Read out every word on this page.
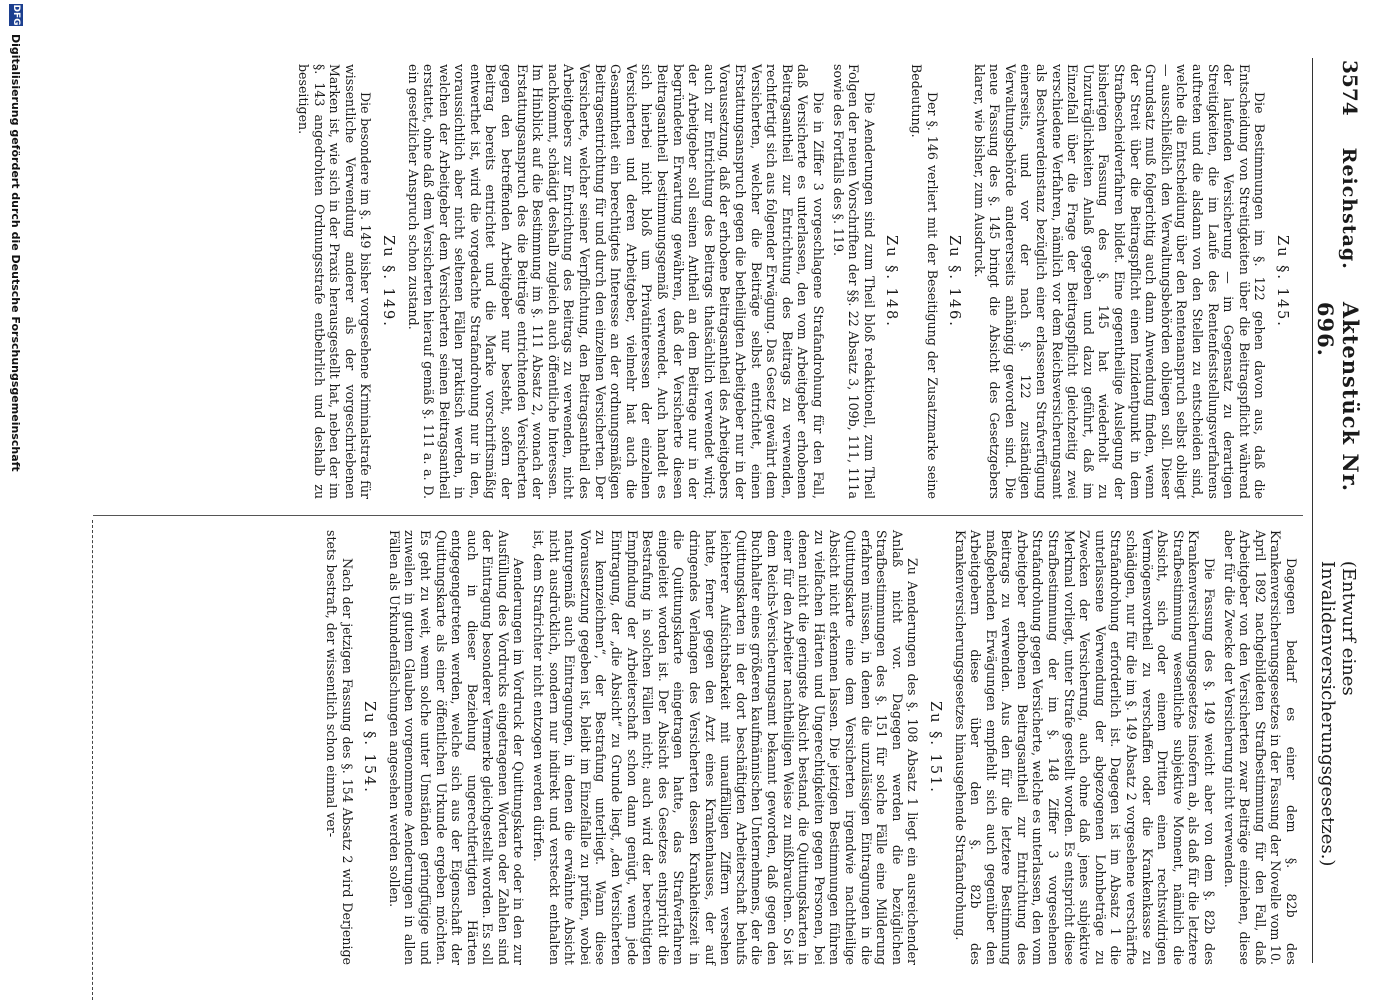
3574
Reichstag.
Aktenstück Nr. 696.
(Entwurf eines Invalidenversicherungsgesetzes.)
Zu §. 145.

Die Bestimmungen im §. 122 gehen davon aus, daß die Entscheidung von Streitigkeiten über die Beitragspflicht während der laufenden Versicherung — im Gegensatz zu derartigen Streitigkeiten, die im Laufe des Rentenfeststellungsverfahrens auftreten und die alsdann von den Stellen zu entscheiden sind, welche die Entscheidung über den Rentenanspruch selbst obliegt — ausschließlich den Verwaltungsbehörden obliegen soll. Dieser Grundsatz muß folgerichtig auch dann Anwendung finden, wenn der Streit über die Beitragspflicht einen Inzidentpunkt in dem Strafbescheidverfahren bildet. Eine gegentheilige Auslegung der bisherigen Fassung des §. 145 hat wiederholt zu Unzuträglichkeiten Anlaß gegeben und dazu geführt, daß im Einzelfall über die Frage der Beitragspflicht gleichzeitig zwei verschiedene Verfahren, nämlich vor dem Reichsversicherungsamt als Beschwerdeinstanz bezüglich einer erlassenen Strafverfügung einerseits, und vor der nach §. 122 zuständigen Verwaltungsbehörde andererseits anhängig geworden sind. Die neue Fassung des §. 145 bringt die Absicht des Gesetzgebers klarer, wie bisher, zum Ausdruck.

Zu §. 146.

Der §. 146 verliert mit der Beseitigung der Zusatzmarke seine Bedeutung.

Zu §. 148.

Die Aenderungen sind zum Theil bloß redaktionell, zum Theil Folgen der neuen Vorschriften der §§. 22 Absatz 3, 109b, 111, 111a sowie des Fortfalls des §. 119.

Die in Ziffer 3 vorgeschlagene Strafandrohung für den Fall, daß Versicherte es unterlassen, den vom Arbeitgeber erhobenen Beitragsantheil zur Entrichtung des Beitrags zu verwenden, rechtfertigt sich aus folgender Erwägung. Das Gesetz gewährt dem Versicherten, welcher die Beiträge selbst entrichtet, einen Erstattungsanspruch gegen die betheiligten Arbeitgeber nur in der Voraussetzung, daß der erhobene Beitragsantheil des Arbeitgebers auch zur Entrichtung des Beitrags thatsächlich verwendet wird; der Arbeitgeber soll seinen Antheil an dem Beitrage nur in der begründeten Erwartung gewähren, daß der Versicherte diesen Beitragsantheil bestimmungsgemäß verwendet. Auch handelt es sich hierbei nicht bloß um Privatinteressen der einzelnen Versicherten und deren Arbeitgeber, vielmehr hat auch die Gesammtheit ein berechtigtes Interesse an der ordnungsmäßigen Beitragsentrichtung für und durch den einzelnen Versicherten. Der Versicherte, welcher seiner Verpflichtung, den Beitragsantheil des Arbeitgebers zur Entrichtung des Beitrags zu verwenden, nicht nachkommt, schädigt deshalb zugleich auch öffentliche Interessen. Im Hinblick auf die Bestimmung im §. 111 Absatz 2, wonach der Erstattungsanspruch des die Beiträge entrichtenden Versicherten gegen den betreffenden Arbeitgeber nur besteht, sofern der Beitrag bereits entrichtet und die Marke vorschriftsmäßig entwerthet ist, wird die vorgedachte Strafandrohung nur in den, voraussichtlich aber nicht seltenen Fällen praktisch werden, in welchen der Arbeitgeber dem Versicherten seinen Beitragsantheil erstattet, ohne daß dem Versicherten hierauf gemäß §. 111 a. a. D. ein gesetzlicher Anspruch schon zustand.

Zu §. 149.

Die besondere im §. 149 bisher vorgesehene Kriminalstrafe für wissentliche Verwendung anderer als der vorgeschriebenen Marken ist, wie sich in der Praxis herausgestellt hat, neben der im §. 143 angedrohten Ordnungsstrafe entbehrlich und deshalb zu beseitigen.

Dagegen bedarf es einer dem §. 82b des Krankenversicherungsgesetzes in der Fassung der Novelle vom 10. April 1892 nachgebildeten Strafbestimmung für den Fall, daß Arbeitgeber von den Versicherten zwar Beiträge einziehen, diese aber für die Zwecke der Versicherung nicht verwenden.

Die Fassung des §. 149 weicht aber von dem §. 82b des Krankenversicherungsgesetzes insofern ab, als daß für die letztere Strafbestimmung wesentliche subjektive Moment, nämlich die Absicht, sich oder einem Dritten einen rechtswidrigen Vermögensvortheil zu verschaffen oder die Krankenkasse zu schädigen, nur für die im §. 149 Absatz 2 vorgesehene verschärfte Strafandrohung erforderlich ist. Dagegen ist im Absatz 1 die unterlassene Verwendung der abgezogenen Lohnbeträge zu Zwecken der Versicherung, auch ohne daß jenes subjektive Merkmal vorliegt, unter Strafe gestellt worden. Es entspricht diese Strafbestimmung der im §. 148 Ziffer 3 vorgesehenen Strafandrohung gegen Versicherte, welche es unterlassen, den vom Arbeitgeber erhobenen Beitragsantheil zur Entrichtung des Beitrags zu verwenden. Aus den für die letztere Bestimmung maßgebenden Erwägungen empfiehlt sich auch gegenüber den Arbeitgebern diese über den §. 82b des Krankenversicherungsgesetzes hinausgehende Strafandrohung.

Zu §. 151.

Zu Aenderungen des §. 108 Absatz 1 liegt ein ausreichender Anlaß nicht vor. Dagegen werden die bezüglichen Strafbestimmungen des §. 151 für solche Fälle eine Milderung erfahren müssen, in denen die unzulässigen Eintragungen in die Quittungskarte eine dem Versicherten irgendwie nachtheilige Absicht nicht erkennen lassen. Die jetzigen Bestimmungen führen zu vielfachen Härten und Ungerechtigkeiten gegen Personen, bei denen nicht die geringste Absicht bestand, die Quittungskarten in einer für den Arbeiter nachtheiligen Weise zu mißbrauchen. So ist dem Reichs-Versicherungsamt bekannt geworden, daß gegen den Buchhalter eines größeren kaufmännischen Unternehmens, der die Quittungskarten in der dort beschäftigten Arbeiterschaft behufs leichterer Aufsichtsbarkeit mit unauffälligen Ziffern versehen hatte, ferner gegen den Arzt eines Krankenhauses, der auf dringendes Verlangen des Versicherten dessen Krankheitszeit in die Quittungskarte eingetragen hatte, das Strafverfahren eingeleitet worden ist. Der Absicht des Gesetzes entspricht die Bestrafung in solchen Fällen nicht; auch wird der berechtigten Empfindung der Arbeiterschaft schon dann genügt, wenn jede Eintragung, der „die Absicht“ zu Grunde liegt, „den Versicherten zu kennzeichnen“, der Bestrafung unterliegt. Wann diese Voraussetzung gegeben ist, bleibt im Einzelfalle zu prüfen, wobei naturgemäß auch Eintragungen, in denen die erwähnte Absicht nicht ausdrücklich, sondern nur indirekt und versteckt enthalten ist, dem Strafrichter nicht entzogen werden dürfen.

Aenderungen im Vordruck der Quittungskarte oder in den zur Ausfüllung des Vordrucks eingetragenen Worten oder Zahlen sind der Eintragung besonderer Vermerke gleichgestellt worden. Es soll auch in dieser Beziehung ungerechtfertigten Härten entgegengetreten werden, welche sich aus der Eigenschaft der Quittungskarte als einer öffentlichen Urkunde ergeben möchten. Es geht zu weit, wenn solche unter Umständen geringfügige und zuweilen in gutem Glauben vorgenommene Aenderungen in allen Fällen als Urkundenfälschungen angesehen werden sollen.

Zu §. 154.

Nach der jetzigen Fassung des §. 154 Absatz 2 wird Derjenige stets bestraft, der wissentlich schon einmal ver-

DFG
Digitalisierung gefördert durch die Deutsche Forschungsgemeinschaft
